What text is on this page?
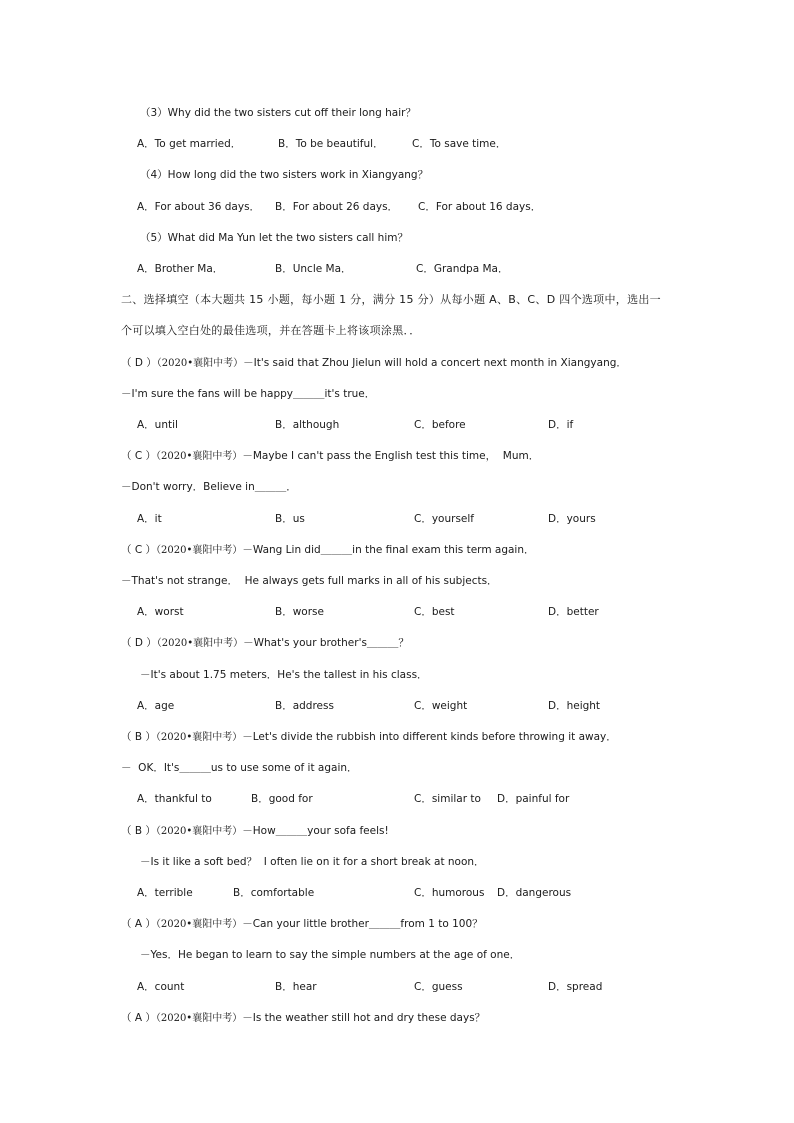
（3）Why did the two sisters cut off their long hair？
A．To get married．	B．To be beautiful．	C．To save time．
（4）How long did the two sisters work in Xiangyang？
A．For about 36 days． B．For about 26 days． C．For about 16 days．
（5）What did Ma Yun let the two sisters call him？
A．Brother Ma．	B．Uncle Ma．	C．Grandpa Ma．
二、选择填空（本大题共 15 小题，每小题 1 分，满分 15 分）从每小题 A、B、C、D 四个选项中，选出一
个可以填入空白处的最佳选项，并在答题卡上将该项涂黑．．
（ D ）（2020•襄阳中考）－It's said that Zhou Jielun will hold a concert next month in Xiangyang．
－I'm sure the fans will be happy＿＿＿it's true．
A．until	B．although	C．before	D．if
（ C ）（2020•襄阳中考）－Maybe I can't pass the English test this time，  Mum．
－Don't worry．Believe in＿＿＿．
A．it	B．us	C．yourself	D．yours
（ C ）（2020•襄阳中考）－Wang Lin did＿＿＿in the final exam this term again．
－That's not strange．  He always gets full marks in all of his subjects．
A．worst	B．worse	C．best	D．better
（ D ）（2020•襄阳中考）－What's your brother's＿＿＿？
－It's about 1.75 meters．He's the tallest in his class．
A．age	B．address	C．weight	D．height
（ B ）（2020•襄阳中考）－Let's divide the rubbish into different kinds before throwing it away．
－  OK．It's＿＿＿us to use some of it again．
A．thankful to	B．good for	C．similar to D．painful for
（ B ）（2020•襄阳中考）－How＿＿＿your sofa feels!
－Is it like a soft bed？  I often lie on it for a short break at noon．
A．terrible	B．comfortable	C．humorous D．dangerous
（ A ）（2020•襄阳中考）－Can your little brother＿＿＿from 1 to 100？
－Yes．He began to learn to say the simple numbers at the age of one．
A．count	B．hear	C．guess	D．spread
（ A ）（2020•襄阳中考）－Is the weather still hot and dry these days？
